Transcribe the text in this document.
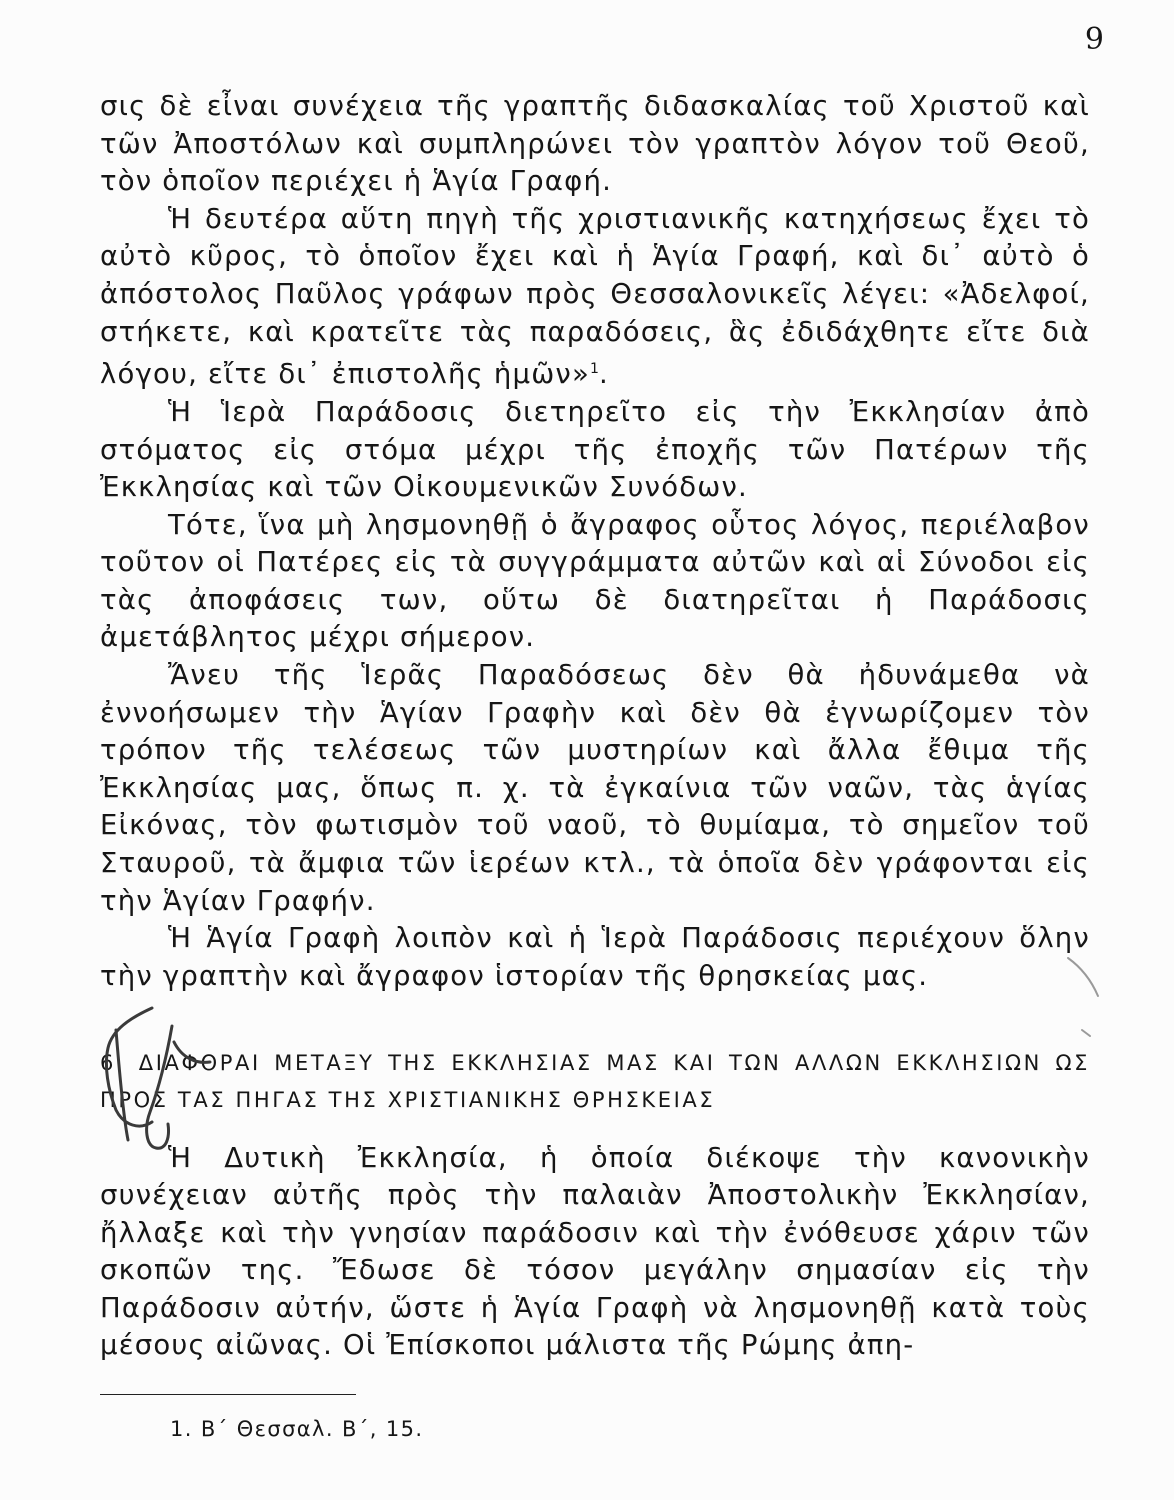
9

σις δὲ εἶναι συνέχεια τῆς γραπτῆς διδασκαλίας τοῦ Χριστοῦ καὶ τῶν Ἀποστόλων καὶ συμπληρώνει τὸν γραπτὸν λόγον τοῦ Θεοῦ, τὸν ὁποῖον περιέχει ἡ Ἁγία Γραφή.

Ἡ δευτέρα αὕτη πηγὴ τῆς χριστιανικῆς κατηχήσεως ἔχει τὸ αὐτὸ κῦρος, τὸ ὁποῖον ἔχει καὶ ἡ Ἁγία Γραφή, καὶ δι᾽ αὐτὸ ὁ ἀπόστολος Παῦλος γράφων πρὸς Θεσσαλονικεῖς λέγει: «Ἀδελφοί, στήκετε, καὶ κρατεῖτε τὰς παραδόσεις, ἃς ἐδιδάχθητε εἴτε διὰ λόγου, εἴτε δι᾽ ἐπιστολῆς ἡμῶν»$^1$.

Ἡ Ἱερὰ Παράδοσις διετηρεῖτο εἰς τὴν Ἐκκλησίαν ἀπὸ στόματος εἰς στόμα μέχρι τῆς ἐποχῆς τῶν Πατέρων τῆς Ἐκκλησίας καὶ τῶν Οἰκουμενικῶν Συνόδων.

Τότε, ἵνα μὴ λησμονηθῇ ὁ ἄγραφος οὗτος λόγος, περιέλαβον τοῦτον οἱ Πατέρες εἰς τὰ συγγράμματα αὐτῶν καὶ αἱ Σύνοδοι εἰς τὰς ἀποφάσεις των, οὕτω δὲ διατηρεῖται ἡ Παράδοσις ἀμετάβλητος μέχρι σήμερον.

Ἄνευ τῆς Ἱερᾶς Παραδόσεως δὲν θὰ ἠδυνάμεθα νὰ ἐννοήσωμεν τὴν Ἁγίαν Γραφὴν καὶ δὲν θὰ ἐγνωρίζομεν τὸν τρόπον τῆς τελέσεως τῶν μυστηρίων καὶ ἄλλα ἔθιμα τῆς Ἐκκλησίας μας, ὅπως π. χ. τὰ ἐγκαίνια τῶν ναῶν, τὰς ἁγίας Εἰκόνας, τὸν φωτισμὸν τοῦ ναοῦ, τὸ θυμίαμα, τὸ σημεῖον τοῦ Σταυροῦ, τὰ ἄμφια τῶν ἱερέων κτλ., τὰ ὁποῖα δὲν γράφονται εἰς τὴν Ἁγίαν Γραφήν.

Ἡ Ἁγία Γραφὴ λοιπὸν καὶ ἡ Ἱερὰ Παράδοσις περιέχουν ὅλην τὴν γραπτὴν καὶ ἄγραφον ἱστορίαν τῆς θρησκείας μας.

6. ΔΙΑΦΟΡΑΙ ΜΕΤΑΞΥ ΤΗΣ ΕΚΚΛΗΣΙΑΣ ΜΑΣ ΚΑΙ ΤΩΝ ΑΛΛΩΝ ΕΚΚΛΗΣΙΩΝ ΩΣ ΠΡΟΣ ΤΑΣ ΠΗΓΑΣ ΤΗΣ ΧΡΙΣΤΙΑΝΙΚΗΣ ΘΡΗΣΚΕΙΑΣ

Ἡ Δυτικὴ Ἐκκλησία, ἡ ὁποία διέκοψε τὴν κανονικὴν συνέχειαν αὐτῆς πρὸς τὴν παλαιὰν Ἀποστολικὴν Ἐκκλησίαν, ἤλλαξε καὶ τὴν γνησίαν παράδοσιν καὶ τὴν ἐνόθευσε χάριν τῶν σκοπῶν της. Ἔδωσε δὲ τόσον μεγάλην σημασίαν εἰς τὴν Παράδοσιν αὐτήν, ὥστε ἡ Ἁγία Γραφὴ νὰ λησμονηθῇ κατὰ τοὺς μέσους αἰῶνας. Οἱ Ἐπίσκοποι μάλιστα τῆς Ρώμης ἀπη-

1. Β΄ Θεσσαλ. Β΄, 15.
